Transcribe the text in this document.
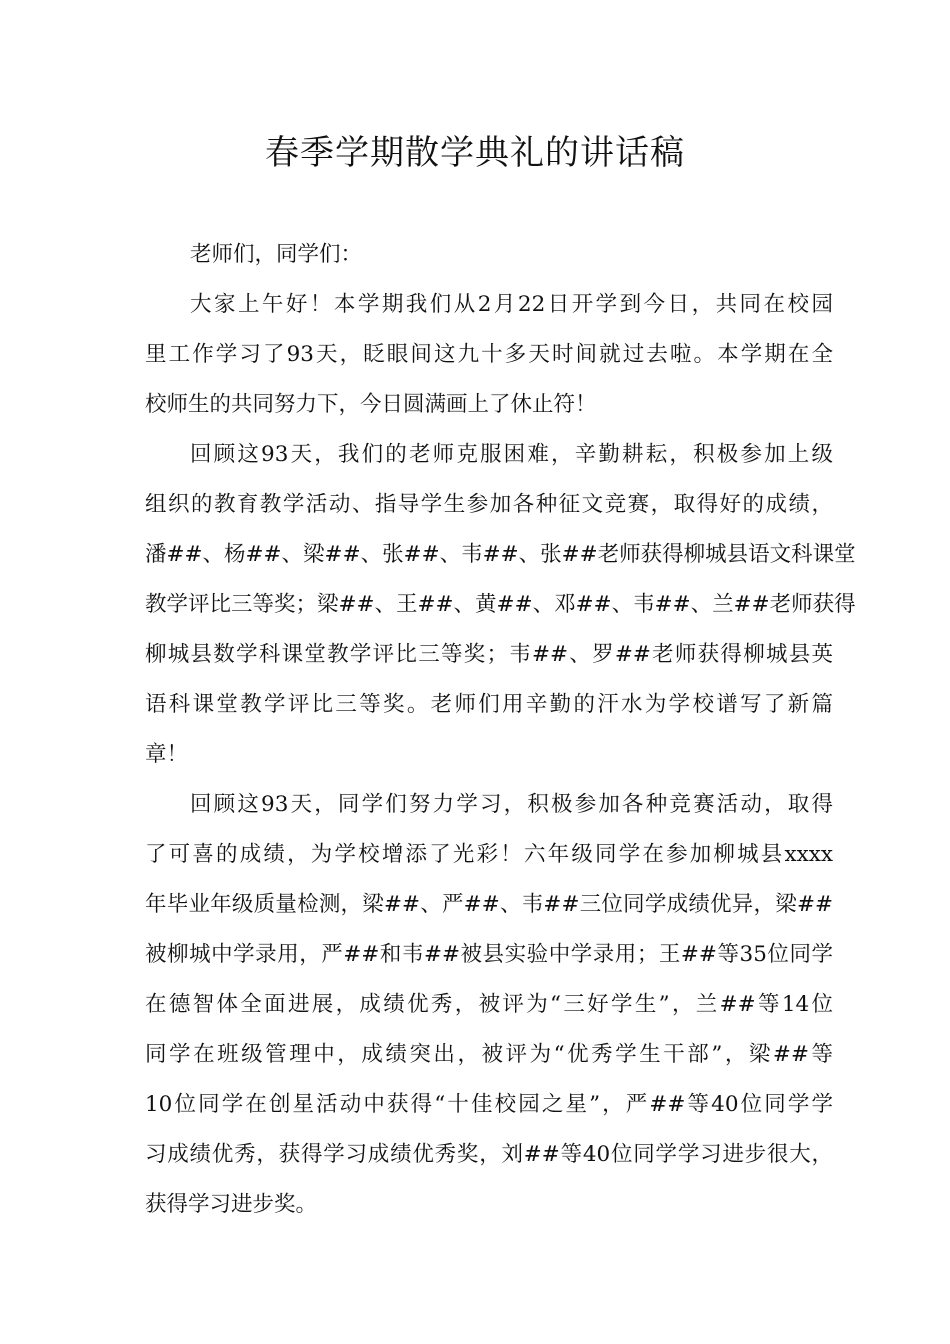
春季学期散学典礼的讲话稿

老师们，同学们：

大家上午好！本学期我们从2月22日开学到今日，共同在校园

里工作学习了93天，眨眼间这九十多天时间就过去啦。本学期在全

校师生的共同努力下，今日圆满画上了休止符！

回顾这93天，我们的老师克服困难，辛勤耕耘，积极参加上级

组织的教育教学活动、指导学生参加各种征文竞赛，取得好的成绩，

潘##、杨##、梁##、张##、韦##、张##老师获得柳城县语文科课堂

教学评比三等奖；梁##、王##、黄##、邓##、韦##、兰##老师获得

柳城县数学科课堂教学评比三等奖；韦##、罗##老师获得柳城县英

语科课堂教学评比三等奖。老师们用辛勤的汗水为学校谱写了新篇

章！

回顾这93天，同学们努力学习，积极参加各种竞赛活动，取得

了可喜的成绩，为学校增添了光彩！六年级同学在参加柳城县xxxx

年毕业年级质量检测，梁##、严##、韦##三位同学成绩优异，梁##

被柳城中学录用，严##和韦##被县实验中学录用；王##等35位同学

在德智体全面进展，成绩优秀，被评为“三好学生”，兰##等14位

同学在班级管理中，成绩突出，被评为“优秀学生干部”，梁##等

10位同学在创星活动中获得“十佳校园之星”，严##等40位同学学

习成绩优秀，获得学习成绩优秀奖，刘##等40位同学学习进步很大，

获得学习进步奖。
